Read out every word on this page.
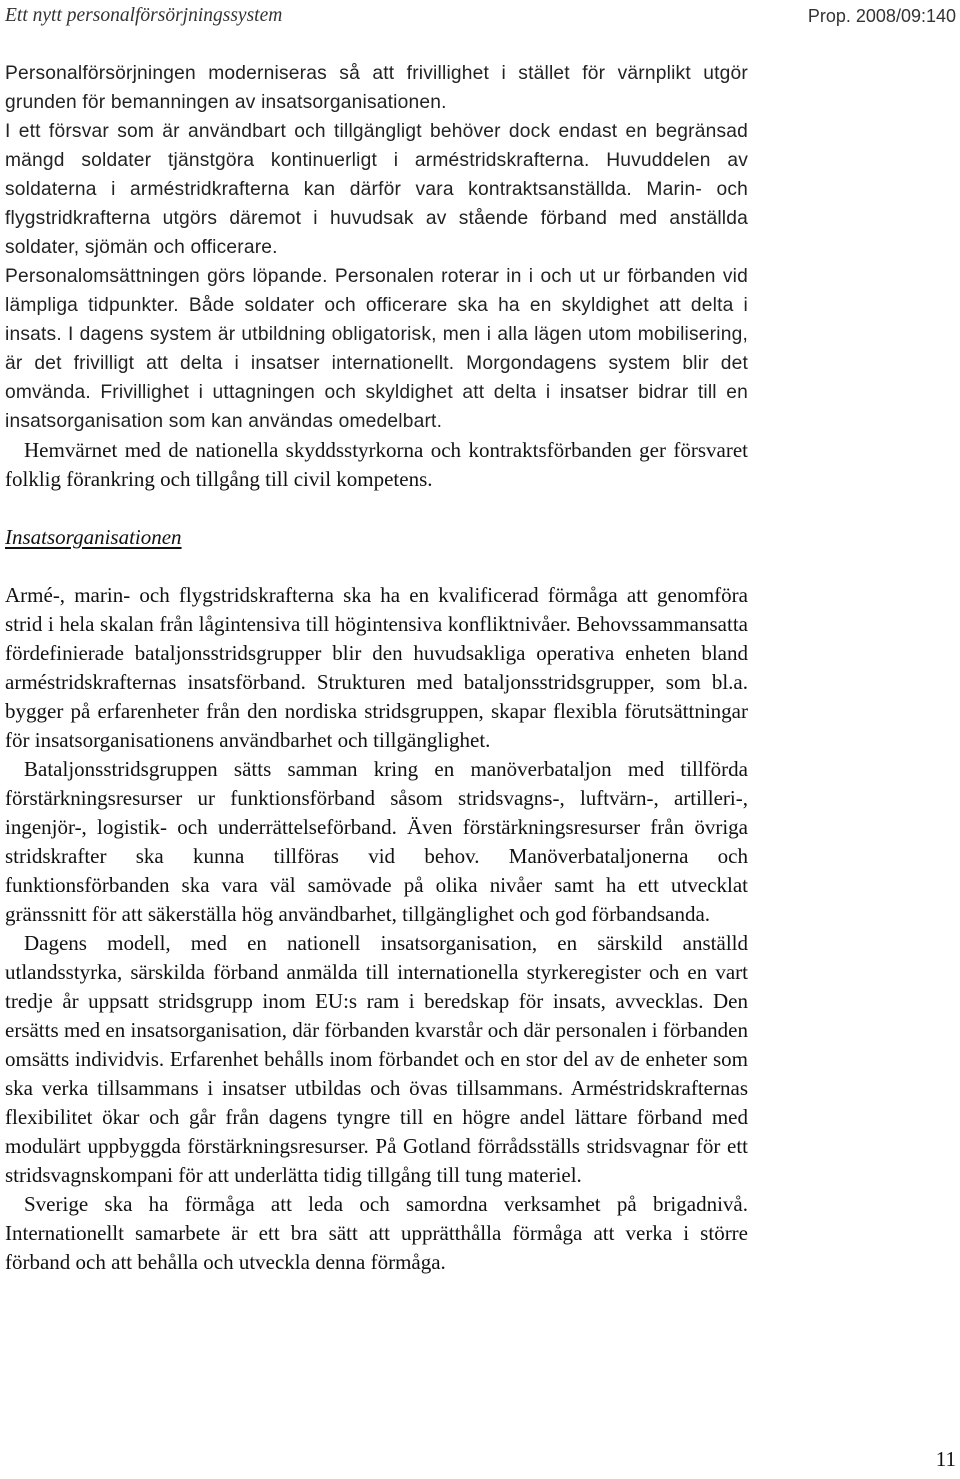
Ett nytt personalförsörjningssystem	Prop. 2008/09:140

Personalförsörjningen moderniseras så att frivillighet i stället för värnplikt utgör grunden för bemanningen av insatsorganisationen.

I ett försvar som är användbart och tillgängligt behöver dock endast en begränsad mängd soldater tjänstgöra kontinuerligt i arméstridskrafterna. Huvuddelen av soldaterna i arméstridkrafterna kan därför vara kontraktsanställda. Marin- och flygstridkrafterna utgörs däremot i huvudsak av stående förband med anställda soldater, sjömän och officerare.

Personalomsättningen görs löpande. Personalen roterar in i och ut ur förbanden vid lämpliga tidpunkter. Både soldater och officerare ska ha en skyldighet att delta i insats. I dagens system är utbildning obligatorisk, men i alla lägen utom mobilisering, är det frivilligt att delta i insatser internationellt. Morgondagens system blir det omvända. Frivillighet i uttagningen och skyldighet att delta i insatser bidrar till en insatsorganisation som kan användas omedelbart.

Hemvärnet med de nationella skyddsstyrkorna och kontraktsförbanden ger försvaret folklig förankring och tillgång till civil kompetens.

Insatsorganisationen

Armé-, marin- och flygstridskrafterna ska ha en kvalificerad förmåga att genomföra strid i hela skalan från lågintensiva till högintensiva konfliktnivåer. Behovssammansatta fördefinierade bataljonsstridsgrupper blir den huvudsakliga operativa enheten bland arméstridskrafternas insatsförband. Strukturen med bataljonsstridsgrupper, som bl.a. bygger på erfarenheter från den nordiska stridsgruppen, skapar flexibla förutsättningar för insatsorganisationens användbarhet och tillgänglighet.

Bataljonsstridsgruppen sätts samman kring en manöverbataljon med tillförda förstärkningsresurser ur funktionsförband såsom stridsvagns-, luftvärn-, artilleri-, ingenjör-, logistik- och underrättelseförband. Även förstärkningsresurser från övriga stridskrafter ska kunna tillföras vid behov. Manöverbataljonerna och funktionsförbanden ska vara väl samövade på olika nivåer samt ha ett utvecklat gränssnitt för att säkerställa hög användbarhet, tillgänglighet och god förbandsanda.

Dagens modell, med en nationell insatsorganisation, en särskild anställd utlandsstyrka, särskilda förband anmälda till internationella styrkeregister och en vart tredje år uppsatt stridsgrupp inom EU:s ram i beredskap för insats, avvecklas. Den ersätts med en insatsorganisation, där förbanden kvarstår och där personalen i förbanden omsätts individvis. Erfarenhet behålls inom förbandet och en stor del av de enheter som ska verka tillsammans i insatser utbildas och övas tillsammans. Arméstridskrafternas flexibilitet ökar och går från dagens tyngre till en högre andel lättare förband med modulärt uppbyggda förstärkningsresurser. På Gotland förrådsställs stridsvagnar för ett stridsvagnskompani för att underlätta tidig tillgång till tung materiel.

Sverige ska ha förmåga att leda och samordna verksamhet på brigadnivå. Internationellt samarbete är ett bra sätt att upprätthålla förmåga att verka i större förband och att behålla och utveckla denna förmåga.

11
